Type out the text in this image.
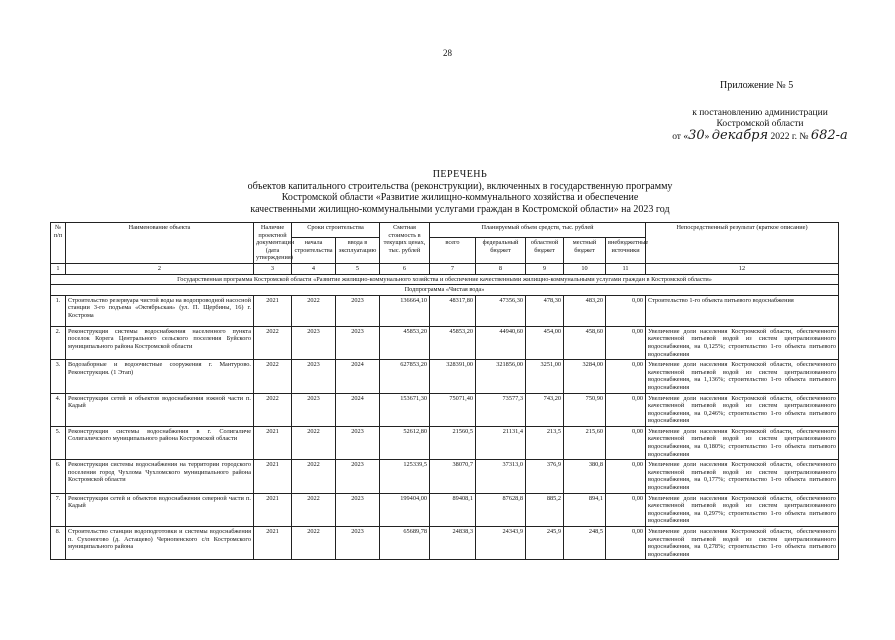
28
Приложение № 5
к постановлению администрации
Костромской области
от «30» декабря 2022 г. № 682-а
ПЕРЕЧЕНЬ
объектов капитального строительства (реконструкции), включенных в государственную программу
Костромской области «Развитие жилищно-коммунального хозяйства и обеспечение
качественными жилищно-коммунальными услугами граждан в Костромской области» на 2023 год
№ п/п	Наименование объекта	Наличие проектной документации (дата утверждения)	Сроки строительства		Сметная стоимость в текущих ценах, тыс. рублей	Планируемый объем средств, тыс. рублей					Непосредственный результат (краткое описание)
			начала строительства	ввода в эксплуатацию		всего	федеральный бюджет	областной бюджет	местный бюджет	внебюджетные источники	
1	2	3	4	5	6	7	8	9	10	11	12
Государственная программа Костромской области «Развитие жилищно-коммунального хозяйства и обеспечение качественными жилищно-коммунальными услугами граждан в Костромской области»											
Подпрограмма «Чистая вода»											
1.	Строительство резервуара чистой воды на водопроводной насосной станции 3-го подъема «Октябрьская» (ул. П. Щербины, 16) г. Кострома	2021	2022	2023	136664,10	48317,80	47356,30	478,30	483,20	0,00	Строительство 1-го объекта питьевого водоснабжения
2.	Реконструкция системы водоснабжения населенного пункта поселок Корега Центрального сельского поселения Буйского муниципального района Костромской области	2022	2023	2023	45853,20	45853,20	44940,60	454,00	458,60	0,00	Увеличение доли населения Костромской области, обеспеченного качественной питьевой водой из систем централизованного водоснабжения, на 0,125%; строительство 1-го объекта питьевого водоснабжения
3.	Водозаборные и водоочистные сооружения г. Мантурово. Реконструкция. (1 Этап)	2022	2023	2024	627853,20	328391,00	321856,00	3251,00	3284,00	0,00	Увеличение доли населения Костромской области, обеспеченного качественной питьевой водой из систем централизованного водоснабжения, на 1,136%; строительство 1-го объекта питьевого водоснабжения
4.	Реконструкция сетей и объектов водоснабжения южной части п. Кадый	2022	2023	2024	153671,30	75071,40	73577,3	743,20	750,90	0,00	Увеличение доли населения Костромской области, обеспеченного качественной питьевой водой из систем централизованного водоснабжения, на 0,246%; строительство 1-го объекта питьевого водоснабжения
5.	Реконструкция системы водоснабжения в г. Солигаличе Солигаличского муниципального района Костромской области	2021	2022	2023	52612,80	21560,5	21131,4	213,5	215,60	0,00	Увеличение доли населения Костромской области, обеспеченного качественной питьевой водой из систем централизованного водоснабжения, на 0,180%; строительство 1-го объекта питьевого водоснабжения
6.	Реконструкция системы водоснабжения на территории городского поселения город Чухлома Чухломского муниципального района Костромской области	2021	2022	2023	125339,5	38070,7	37313,0	376,9	380,8	0,00	Увеличение доли населения Костромской области, обеспеченного качественной питьевой водой из систем централизованного водоснабжения, на 0,177%; строительство 1-го объекта питьевого водоснабжения
7.	Реконструкция сетей и объектов водоснабжения северной части п. Кадый	2021	2022	2023	199404,00	89408,1	87628,8	885,2	894,1	0,00	Увеличение доли населения Костромской области, обеспеченного качественной питьевой водой из систем централизованного водоснабжения, на 0,297%; строительство 1-го объекта питьевого водоснабжения
8.	Строительство станции водоподготовки и системы водоснабжения п. Сухоногово (д. Астащево) Чернопенского с/п Костромского муниципального района	2021	2022	2023	65689,78	24838,3	24343,9	245,9	248,5	0,00	Увеличение доли населения Костромской области, обеспеченного качественной питьевой водой из систем централизованного водоснабжения, на 0,278%; строительство 1-го объекта питьевого водоснабжения
